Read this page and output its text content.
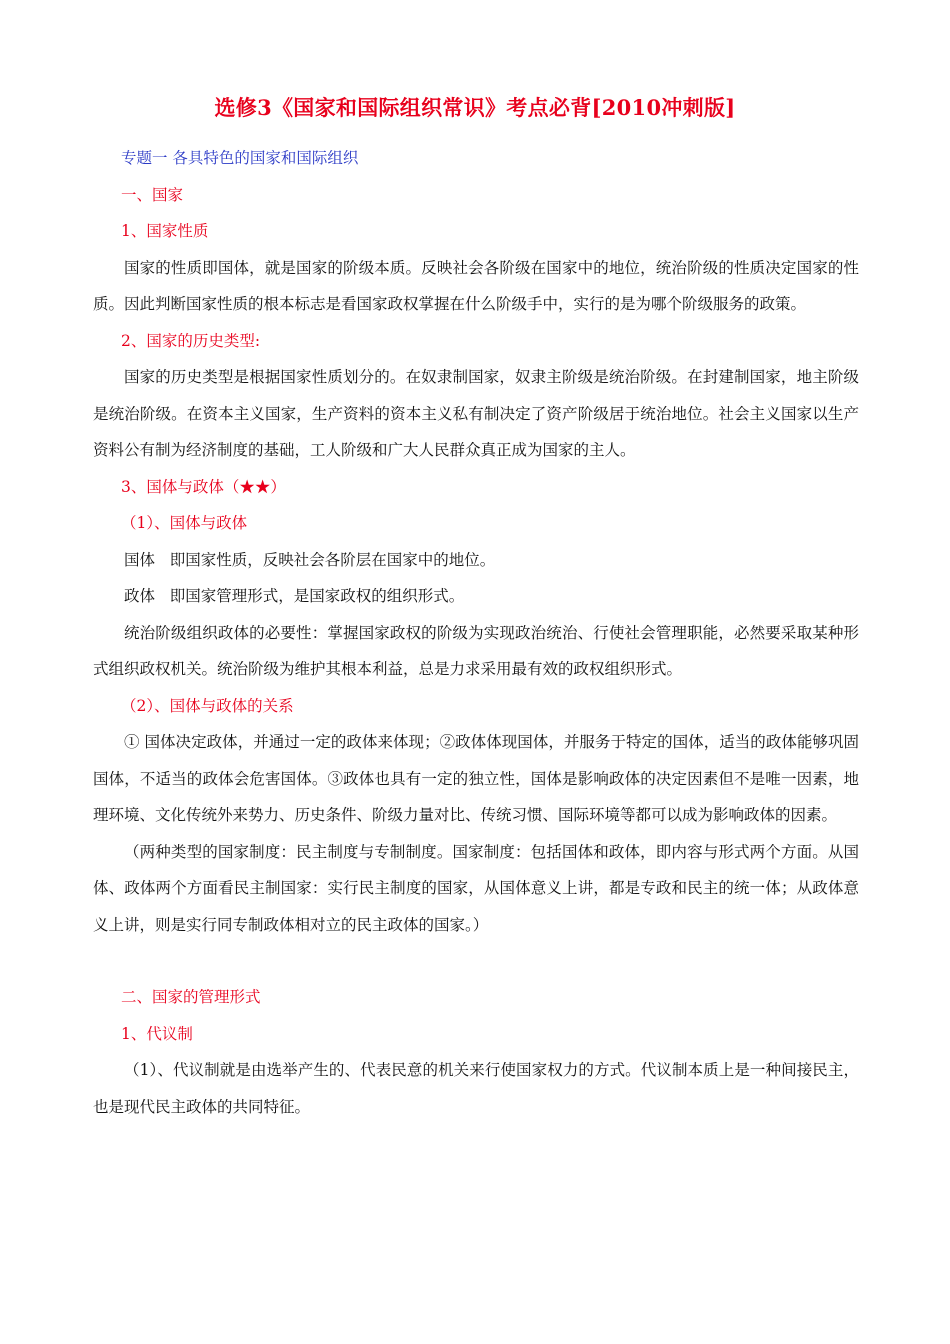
选修3《国家和国际组织常识》考点必背[2010冲刺版]

专题一 各具特色的国家和国际组织

一、国家

1、国家性质

国家的性质即国体，就是国家的阶级本质。反映社会各阶级在国家中的地位，统治阶级的性质决定国家的性质。因此判断国家性质的根本标志是看国家政权掌握在什么阶级手中，实行的是为哪个阶级服务的政策。

2、国家的历史类型:

国家的历史类型是根据国家性质划分的。在奴隶制国家，奴隶主阶级是统治阶级。在封建制国家，地主阶级是统治阶级。在资本主义国家，生产资料的资本主义私有制决定了资产阶级居于统治地位。社会主义国家以生产资料公有制为经济制度的基础，工人阶级和广大人民群众真正成为国家的主人。

3、国体与政体（★★）

（1）、国体与政体

国体   即国家性质，反映社会各阶层在国家中的地位。

政体   即国家管理形式，是国家政权的组织形式。

统治阶级组织政体的必要性：掌握国家政权的阶级为实现政治统治、行使社会管理职能，必然要采取某种形式组织政权机关。统治阶级为维护其根本利益，总是力求采用最有效的政权组织形式。

（2）、国体与政体的关系

① 国体决定政体，并通过一定的政体来体现；②政体体现国体，并服务于特定的国体，适当的政体能够巩固国体，不适当的政体会危害国体。③政体也具有一定的独立性，国体是影响政体的决定因素但不是唯一因素，地理环境、文化传统外来势力、历史条件、阶级力量对比、传统习惯、国际环境等都可以成为影响政体的因素。

（两种类型的国家制度：民主制度与专制制度。国家制度：包括国体和政体，即内容与形式两个方面。从国体、政体两个方面看民主制国家：实行民主制度的国家，从国体意义上讲，都是专政和民主的统一体；从政体意义上讲，则是实行同专制政体相对立的民主政体的国家。）

二、国家的管理形式

1、代议制

（1）、代议制就是由选举产生的、代表民意的机关来行使国家权力的方式。代议制本质上是一种间接民主，也是现代民主政体的共同特征。
